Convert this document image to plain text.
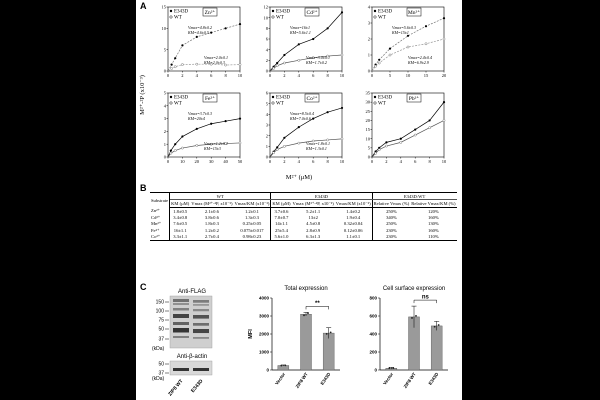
A
M²⁺-²P (x10⁻³)
15
10
5
0
0	2	4	6	8 10
E343D
WT
Zn²⁺
Vmax=4.8±0.2
KM=4.6±0.5
Vmax=2.0±0.1
KM=2.0±0.3
12
10
8
6
4
2
0
0	2	4	6	8 10
E343D
WT
Cd²⁺
Vmax=16±1
KM=5.6±1.1
Vmax=3.0±0.1
KM=1.7±0.2
4
3
2
1
0
0	5	10	15	20
E343D
WT
Mn²⁺
Vmax=5.6±0.3
KM=15±1
Vmax=2.4±0.4
KM=6.9±2.9
5
4
3
2
1
0
0 10 20 30 40 50
E343D
WT
Fe²⁺
Vmax=3.7±0.3
KM=20±4
Vmax=1.2±0.1
KM=15±3
6
5
4
3
2
1
0
0	2	4	6	8 10
E343D
WT
Co²⁺
Vmax=8.5±0.4
KM=7.0±0.6
Vmax=1.8±0.1
KM=1.3±0.1
35
30
25
20
15
10
5
0
0	2	4	6	8 10
E343D
WT
Pb²⁺
M²⁺ (μM)
B
Substrate	WT			E343D			E343D:WT	
	KM (μM)	Vmax (M²⁺-²P, x10⁻³)	Vmax/KM (x10⁻³)	KM (μM)	Vmax (M²⁺-²P, x10⁻³)	Vmax/KM (x10⁻³)	Relative Vmax (%)	Relative Vmax/KM (%)
Zn²⁺	1.8±0.5	2.1±0.6	1.2±0.1	3.7±0.6	5.2±1.1	1.4±0.2	250%	120%
Cd²⁺	3.4±0.8	3.8±0.6	1.3±0.3	7.0±0.7	13±2	1.9±0.4	340%	160%
Mn²⁺	7.6±0.5	1.8±0.3	0.25±0.05	14±1.1	4.5±0.8	0.32±0.04	250%	130%
Fe²⁺	16±1.1	1.2±0.2	0.075±0.017	25±5.4	2.8±0.9	0.12±0.06	230%	160%
Co²⁺	3.3±1.1	2.7±0.4	0.98±0.23	5.6±1.0	6.3±1.3	1.1±0.1	230%	110%
C	Anti-FLAG
150
100
75
50
37
(kDa)
Anti-β-actin
50
37
(kDa) ZIP8 WT E343D
Total expression
MFI
4000
3000
2000
1000
0
Vector ZIP8 WT E343D
**
Cell surface expression
800
600
400
200
0
Vector ZIP8 WT E343D
ns
